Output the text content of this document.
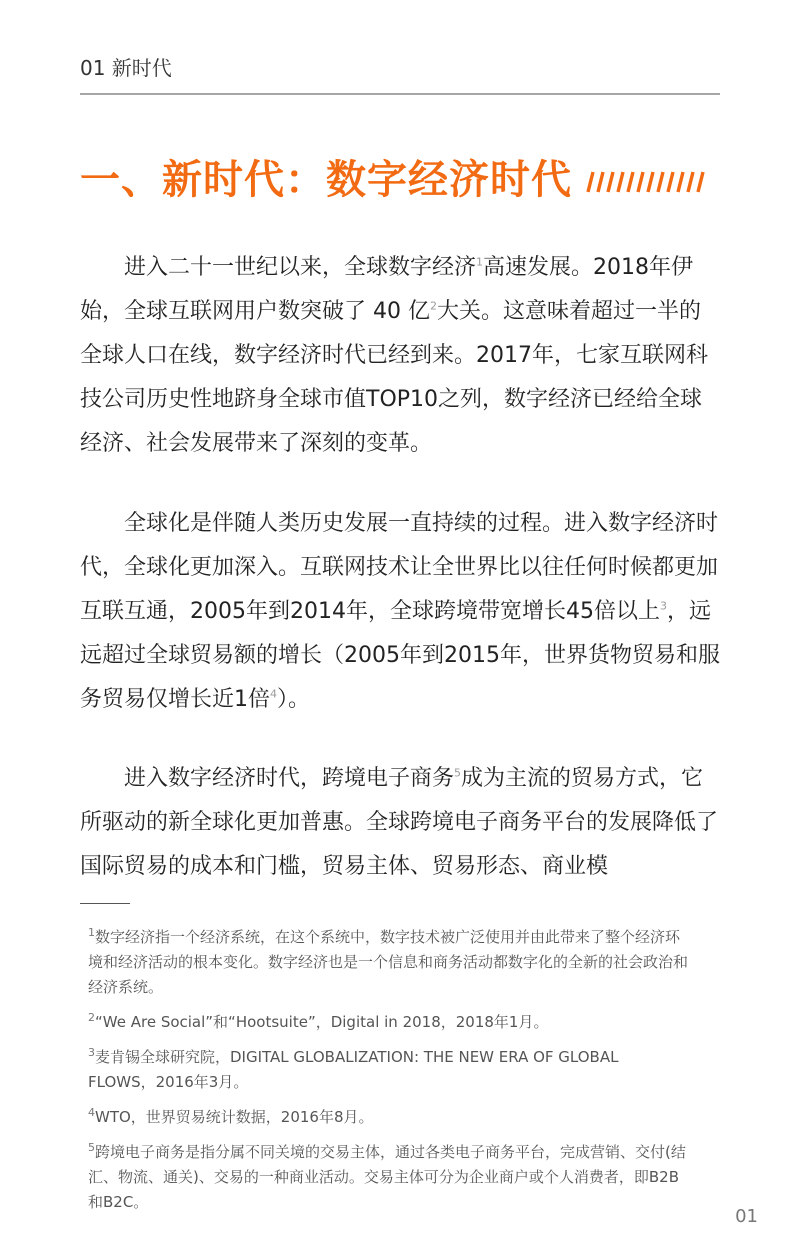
01 新时代
一、新时代：数字经济时代

进入二十一世纪以来，全球数字经济$^1$高速发展。2018年伊始，全球互联网用户数突破了 40 亿$^2$大关。这意味着超过一半的全球人口在线，数字经济时代已经到来。2017年，七家互联网科技公司历史性地跻身全球市值TOP10之列，数字经济已经给全球经济、社会发展带来了深刻的变革。

全球化是伴随人类历史发展一直持续的过程。进入数字经济时代，全球化更加深入。互联网技术让全世界比以往任何时候都更加互联互通，2005年到2014年，全球跨境带宽增长45倍以上$^3$，远远超过全球贸易额的增长（2005年到2015年，世界货物贸易和服务贸易仅增长近1倍$^4$）。

进入数字经济时代，跨境电子商务$^5$成为主流的贸易方式，它所驱动的新全球化更加普惠。全球跨境电子商务平台的发展降低了国际贸易的成本和门槛，贸易主体、贸易形态、商业模

$^1$数字经济指一个经济系统，在这个系统中，数字技术被广泛使用并由此带来了整个经济环境和经济活动的根本变化。数字经济也是一个信息和商务活动都数字化的全新的社会政治和经济系统。

$^2$“We Are Social”和“Hootsuite”，Digital in 2018，2018年1月。

$^3$麦肯锡全球研究院，DIGITAL GLOBALIZATION: THE NEW ERA OF GLOBAL FLOWS，2016年3月。

$^4$WTO，世界贸易统计数据，2016年8月。

$^5$跨境电子商务是指分属不同关境的交易主体，通过各类电子商务平台，完成营销、交付(结汇、物流、通关)、交易的一种商业活动。交易主体可分为企业商户或个人消费者，即B2B和B2C。

01
